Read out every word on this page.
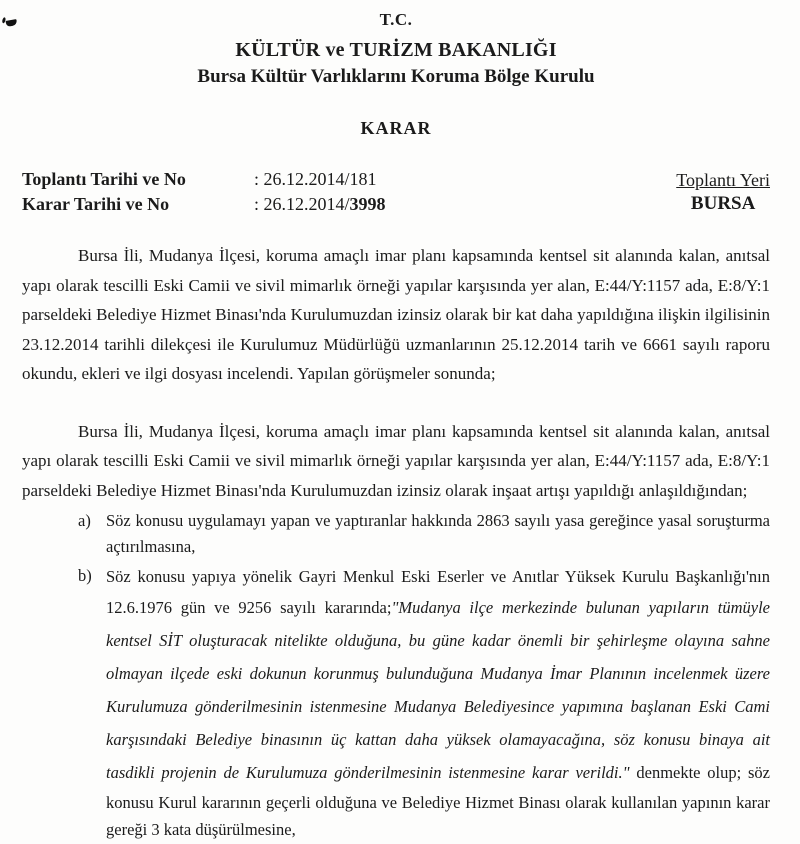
T.C.
KÜLTÜR ve TURİZM BAKANLIĞI
Bursa Kültür Varlıklarını Koruma Bölge Kurulu
KARAR
Toplantı Tarihi ve No	: 26.12.2014/181
Karar Tarihi ve No	: 26.12.2014/3998
Toplantı Yeri
BURSA

Bursa İli, Mudanya İlçesi, koruma amaçlı imar planı kapsamında kentsel sit alanında kalan, anıtsal yapı olarak tescilli Eski Camii ve sivil mimarlık örneği yapılar karşısında yer alan, E:44/Y:1157 ada, E:8/Y:1 parseldeki Belediye Hizmet Binası'nda Kurulumuzdan izinsiz olarak bir kat daha yapıldığına ilişkin ilgilisinin 23.12.2014 tarihli dilekçesi ile Kurulumuz Müdürlüğü uzmanlarının 25.12.2014 tarih ve 6661 sayılı raporu okundu, ekleri ve ilgi dosyası incelendi. Yapılan görüşmeler sonunda;

Bursa İli, Mudanya İlçesi, koruma amaçlı imar planı kapsamında kentsel sit alanında kalan, anıtsal yapı olarak tescilli Eski Camii ve sivil mimarlık örneği yapılar karşısında yer alan, E:44/Y:1157 ada, E:8/Y:1 parseldeki Belediye Hizmet Binası'nda Kurulumuzdan izinsiz olarak inşaat artışı yapıldığı anlaşıldığından;

a) Söz konusu uygulamayı yapan ve yaptıranlar hakkında 2863 sayılı yasa gereğince yasal soruşturma açtırılmasına,
b) Söz konusu yapıya yönelik Gayri Menkul Eski Eserler ve Anıtlar Yüksek Kurulu Başkanlığı'nın 12.6.1976 gün ve 9256 sayılı kararında;"Mudanya ilçe merkezinde bulunan yapıların tümüyle kentsel SİT oluşturacak nitelikte olduğuna, bu güne kadar önemli bir şehirleşme olayına sahne olmayan ilçede eski dokunun korunmuş bulunduğuna Mudanya İmar Planının incelenmek üzere Kurulumuza gönderilmesinin istenmesine Mudanya Belediyesince yapımına başlanan Eski Cami karşısındaki Belediye binasının üç kattan daha yüksek olamayacağına, söz konusu binaya ait tasdikli projenin de Kurulumuza gönderilmesinin istenmesine karar verildi." denmekte olup; söz konusu Kurul kararının geçerli olduğuna ve Belediye Hizmet Binası olarak kullanılan yapının karar gereği 3 kata düşürülmesine,
